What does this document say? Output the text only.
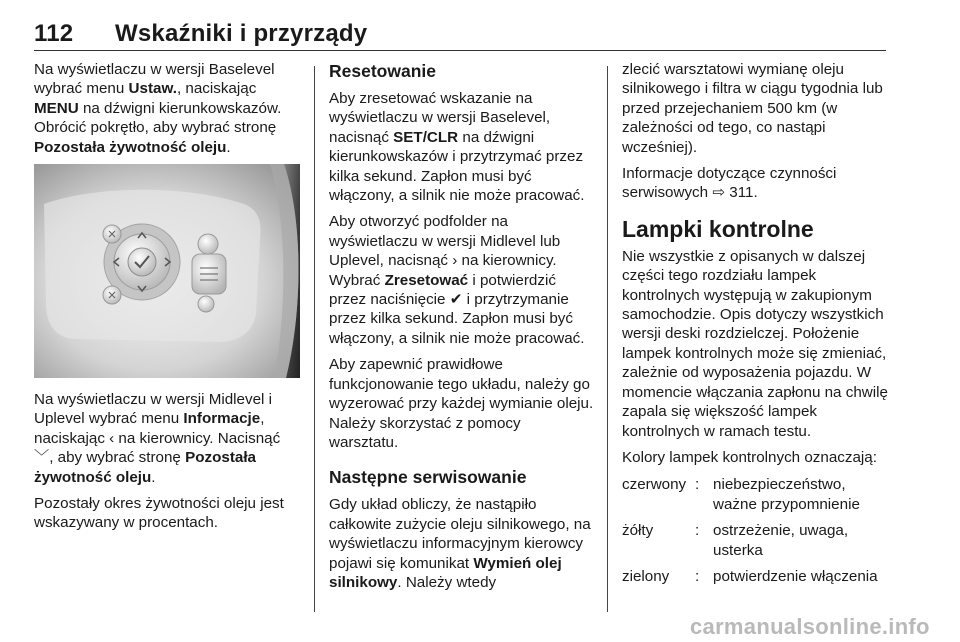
112	Wskaźniki i przyrządy

Na wyświetlaczu w wersji Baselevel wybrać menu Ustaw., naciskając MENU na dźwigni kierunkowskazów. Obrócić pokrętło, aby wybrać stronę Pozostała żywotność oleju.

Na wyświetlaczu w wersji Midlevel i Uplevel wybrać menu Informacje, naciskając ‹ na kierownicy. Nacisnąć ﹀, aby wybrać stronę Pozostała żywotność oleju.

Pozostały okres żywotności oleju jest wskazywany w procentach.

Resetowanie

Aby zresetować wskazanie na wyświetlaczu w wersji Baselevel, nacisnąć SET/CLR na dźwigni kierunkowskazów i przytrzymać przez kilka sekund. Zapłon musi być włączony, a silnik nie może pracować.

Aby otworzyć podfolder na wyświetlaczu w wersji Midlevel lub Uplevel, nacisnąć › na kierownicy. Wybrać Zresetować i potwierdzić przez naciśnięcie ✔ i przytrzymanie przez kilka sekund. Zapłon musi być włączony, a silnik nie może pracować.

Aby zapewnić prawidłowe funkcjonowanie tego układu, należy go wyzerować przy każdej wymianie oleju. Należy skorzystać z pomocy warsztatu.

Następne serwisowanie

Gdy układ obliczy, że nastąpiło całkowite zużycie oleju silnikowego, na wyświetlaczu informacyjnym kierowcy pojawi się komunikat Wymień olej silnikowy. Należy wtedy

zlecić warsztatowi wymianę oleju silnikowego i filtra w ciągu tygodnia lub przed przejechaniem 500 km (w zależności od tego, co nastąpi wcześniej).

Informacje dotyczące czynności serwisowych ⇨ 311.

Lampki kontrolne

Nie wszystkie z opisanych w dalszej części tego rozdziału lampek kontrolnych występują w zakupionym samochodzie. Opis dotyczy wszystkich wersji deski rozdzielczej. Położenie lampek kontrolnych może się zmieniać, zależnie od wyposażenia pojazdu. W momencie włączania zapłonu na chwilę zapala się większość lampek kontrolnych w ramach testu.

Kolory lampek kontrolnych oznaczają:

czerwony	:	niebezpieczeństwo, ważne przypomnienie
żółty	:	ostrzeżenie, uwaga, usterka
zielony	:	potwierdzenie włączenia
carmanualsonline.info
